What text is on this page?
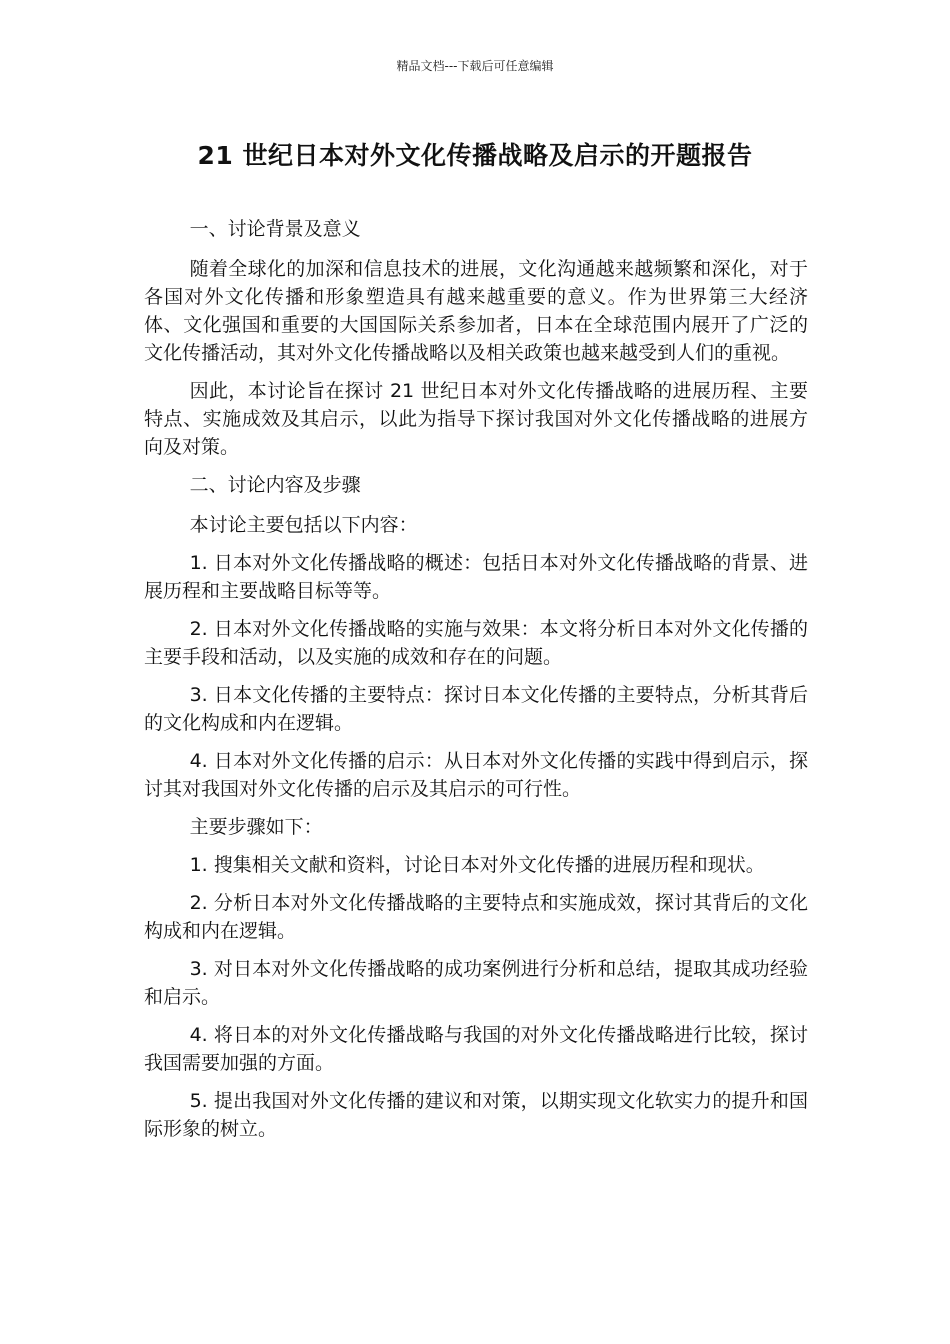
精品文档---下载后可任意编辑
21 世纪日本对外文化传播战略及启示的开题报告

一、讨论背景及意义

随着全球化的加深和信息技术的进展，文化沟通越来越频繁和深化，对于各国对外文化传播和形象塑造具有越来越重要的意义。作为世界第三大经济体、文化强国和重要的大国国际关系参加者，日本在全球范围内展开了广泛的文化传播活动，其对外文化传播战略以及相关政策也越来越受到人们的重视。

因此，本讨论旨在探讨 21 世纪日本对外文化传播战略的进展历程、主要特点、实施成效及其启示，以此为指导下探讨我国对外文化传播战略的进展方向及对策。

二、讨论内容及步骤

本讨论主要包括以下内容：

1. 日本对外文化传播战略的概述：包括日本对外文化传播战略的背景、进展历程和主要战略目标等等。

2. 日本对外文化传播战略的实施与效果：本文将分析日本对外文化传播的主要手段和活动，以及实施的成效和存在的问题。

3. 日本文化传播的主要特点：探讨日本文化传播的主要特点，分析其背后的文化构成和内在逻辑。

4. 日本对外文化传播的启示：从日本对外文化传播的实践中得到启示，探讨其对我国对外文化传播的启示及其启示的可行性。

主要步骤如下：

1. 搜集相关文献和资料，讨论日本对外文化传播的进展历程和现状。

2. 分析日本对外文化传播战略的主要特点和实施成效，探讨其背后的文化构成和内在逻辑。

3. 对日本对外文化传播战略的成功案例进行分析和总结，提取其成功经验和启示。

4. 将日本的对外文化传播战略与我国的对外文化传播战略进行比较，探讨我国需要加强的方面。

5. 提出我国对外文化传播的建议和对策，以期实现文化软实力的提升和国际形象的树立。
